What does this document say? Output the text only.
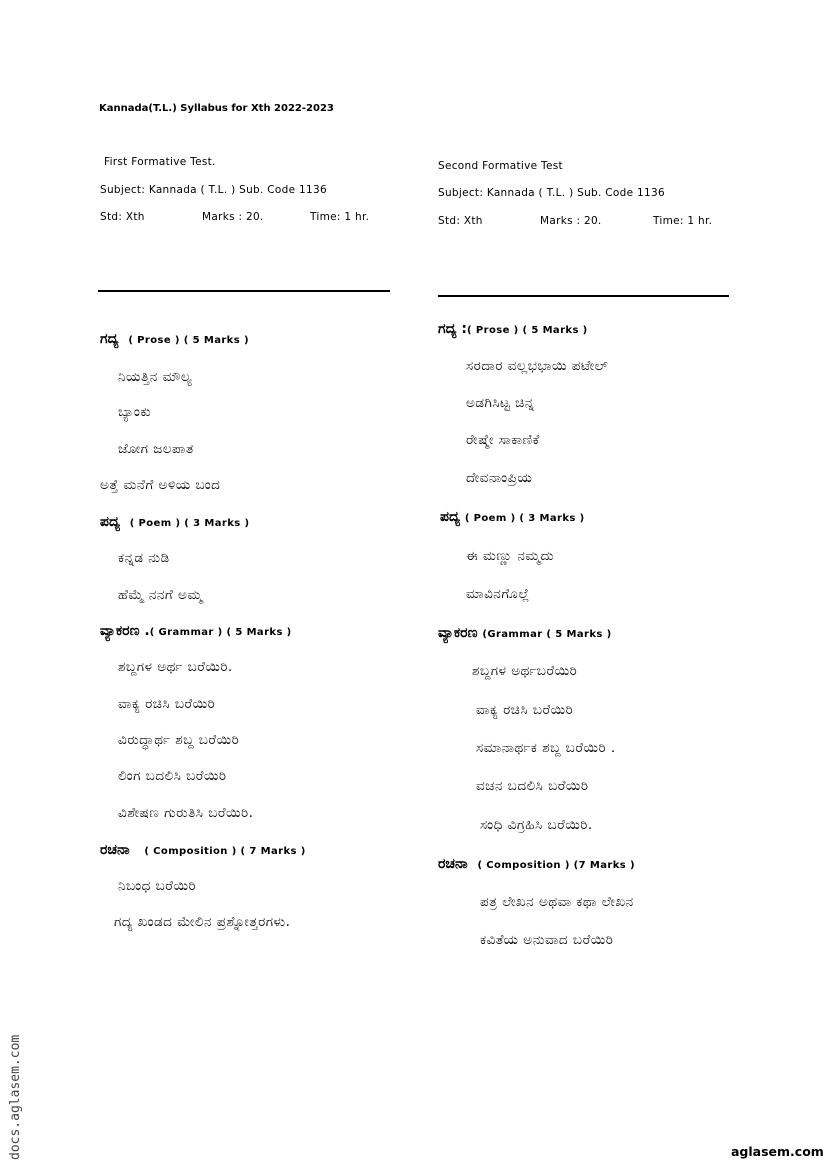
Kannada(T.L.) Syllabus for Xth 2022-2023
First Formative Test.
Subject: Kannada ( T.L. ) Sub. Code 1136
Std: Xth	Marks : 20.	Time: 1 hr.
ಗದ್ಯ ( Prose ) ( 5 Marks )
ನಿಯತ್ತಿನ ಮೌಲ್ಯ
ಬ್ಯಾಂಕು
ಜೋಗ ಜಲಪಾತ
ಅತ್ತೆ ಮನೆಗೆ ಅಳಿಯ ಬಂದ
ಪದ್ಯ ( Poem ) ( 3 Marks )
ಕನ್ನಡ ನುಡಿ
ಹೆಮ್ಮೆ ನನಗೆ ಅಮ್ಮ
ವ್ಯಾಕರಣ .( Grammar ) ( 5 Marks )
ಶಬ್ದಗಳ ಅರ್ಥ ಬರೆಯಿರಿ.
ವಾಕ್ಯ ರಚಿಸಿ ಬರೆಯಿರಿ
ವಿರುದ್ಧಾರ್ಥ ಶಬ್ದ ಬರೆಯಿರಿ
ಲಿಂಗ ಬದಲಿಸಿ ಬರೆಯಿರಿ
ವಿಶೇಷಣ ಗುರುತಿಸಿ ಬರೆಯಿರಿ.
ರಚನಾ ( Composition ) ( 7 Marks )
ನಿಬಂಧ ಬರೆಯಿರಿ
ಗದ್ಯ ಖಂಡದ ಮೇಲಿನ ಪ್ರಶ್ನೋತ್ತರಗಳು.
Second Formative Test
Subject: Kannada ( T.L. ) Sub. Code 1136
Std: Xth	Marks : 20.	Time: 1 hr.
ಗದ್ಯ :( Prose ) ( 5 Marks )
ಸರದಾರ ವಲ್ಲಭಭಾಯಿ ಪಟೇಲ್
ಅಡಗಿಸಿಟ್ಟ ಚಿನ್ನ
ರೇಷ್ಮೇ ಸಾಕಾಣಿಕೆ
ದೇವನಾಂಪ್ರಿಯ
ಪದ್ಯ ( Poem ) ( 3 Marks )
ಈ ಮಣ್ಣು ನಮ್ಮದು
ಮಾವಿನಗೊಲ್ಲೆ
ವ್ಯಾಕರಣ (Grammar ( 5 Marks )
ಶಬ್ದಗಳ ಅರ್ಥಬರೆಯಿರಿ
ವಾಕ್ಯ ರಚಿಸಿ ಬರೆಯಿರಿ
ಸಮಾನಾರ್ಥಕ ಶಬ್ದ ಬರೆಯಿರಿ .
ವಚನ ಬದಲಿಸಿ ಬರೆಯಿರಿ
ಸಂಧಿ ವಿಗ್ರಹಿಸಿ ಬರೆಯಿರಿ.
ರಚನಾ ( Composition ) (7 Marks )
ಪತ್ರ ಲೇಖನ ಅಥವಾ ಕಥಾ ಲೇಖನ
ಕವಿತೆಯ ಅನುವಾದ ಬರೆಯಿರಿ
docs.aglasem.com	aglasem.com
